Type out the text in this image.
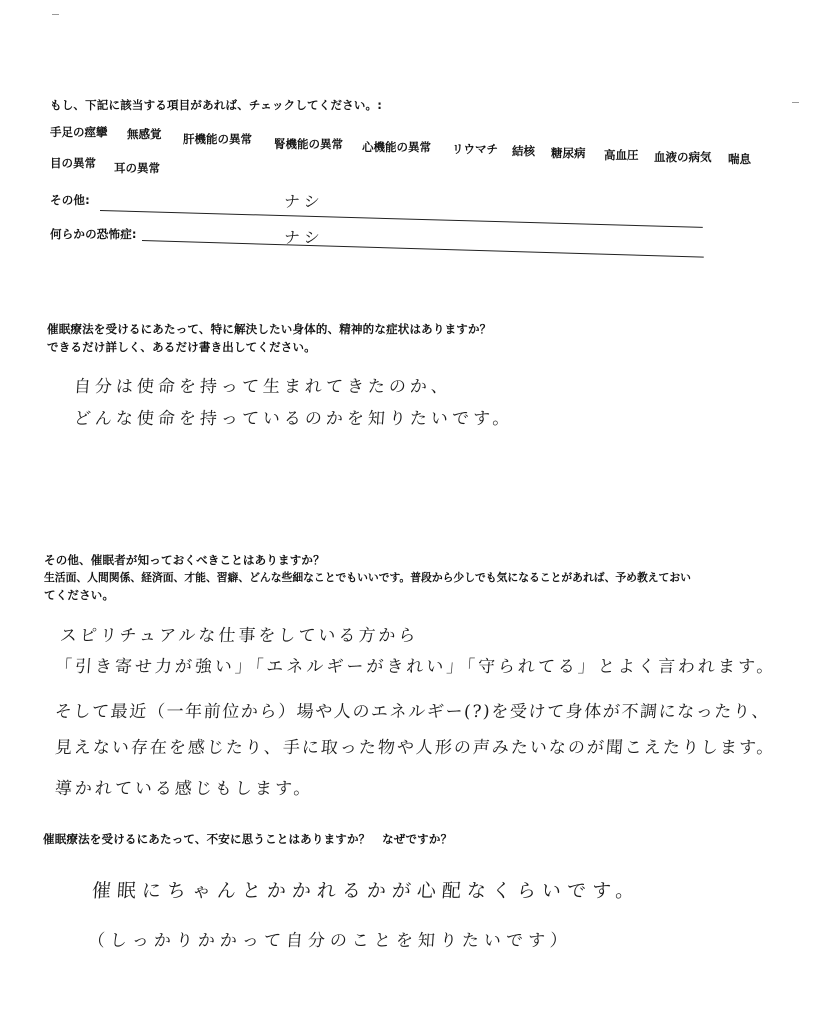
もし、下記に該当する項目があれば、チェックしてください。:
手足の痙攣 無感覚 肝機能の異常 腎機能の異常 心機能の異常 リウマチ 結核 糖尿病 高血圧 血液の病気 喘息
目の異常 耳の異常
その他:	ナシ
何らかの恐怖症:	ナシ
催眠療法を受けるにあたって、特に解決したい身体的、精神的な症状はありますか？
できるだけ詳しく、あるだけ書き出してください。
自分は使命を持って生まれてきたのか、
どんな使命を持っているのかを知りたいです。
その他、催眠者が知っておくべきことはありますか？
生活面、人間関係、経済面、才能、習癖、どんな些細なことでもいいです。普段から少しでも気になることがあれば、予め教えておい
てください。
スピリチュアルな仕事をしている方から
「引き寄せ力が強い」「エネルギーがきれい」「守られてる」とよく言われます。
そして最近（一年前位から）場や人のエネルギー(?)を受けて身体が不調になったり、
見えない存在を感じたり、手に取った物や人形の声みたいなのが聞こえたりします。
導かれている感じもします。
催眠療法を受けるにあたって、不安に思うことはありますか？　なぜですか？
催眠にちゃんとかかれるかが心配なくらいです。
（しっかりかかって自分のことを知りたいです）
